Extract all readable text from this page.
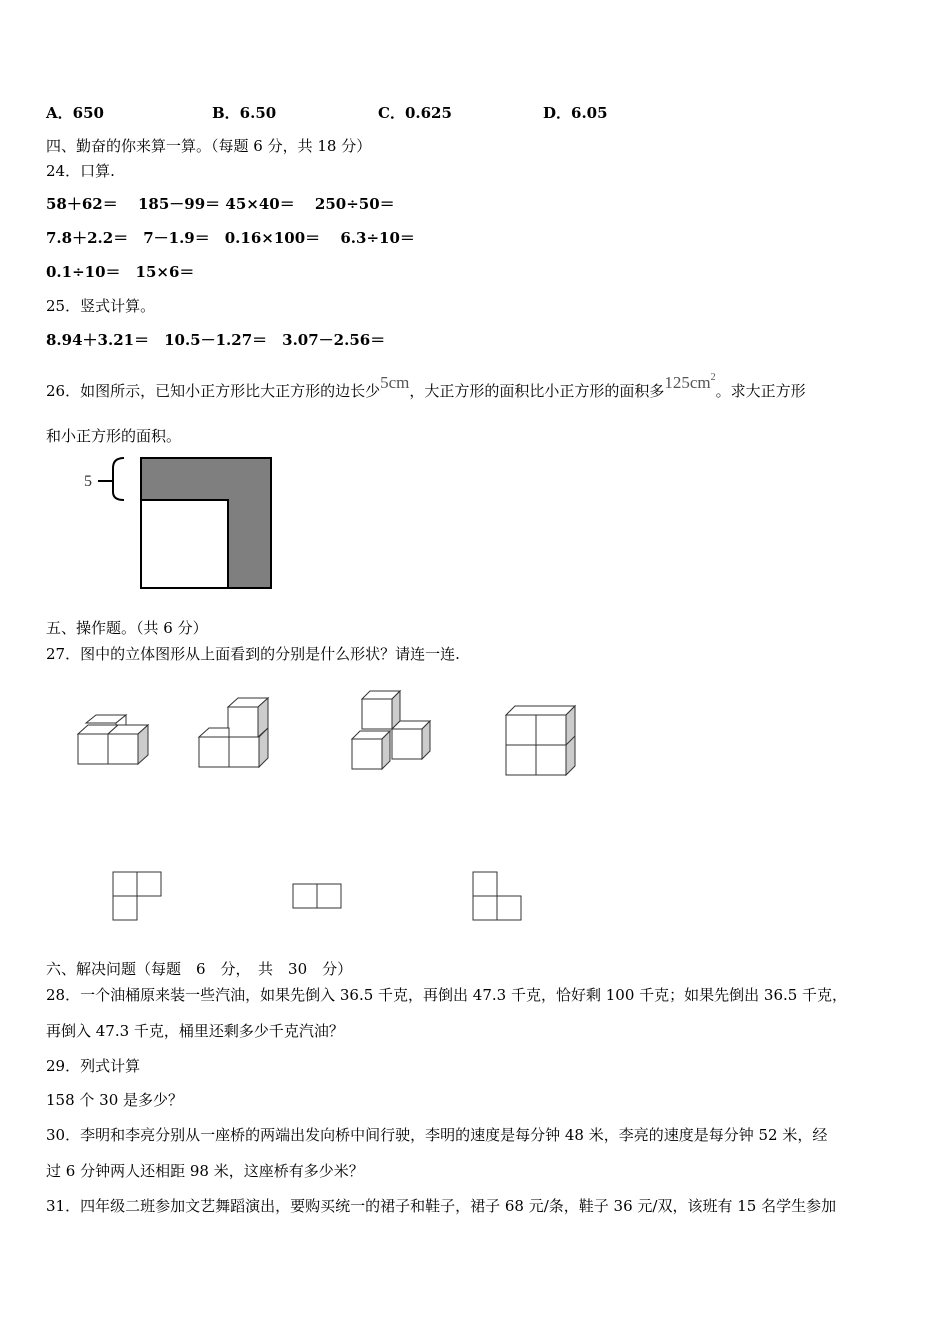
A．650	B．6.50	C．0.625	D．6.05
四、勤奋的你来算一算。（每题 6 分，共 18 分）
24．口算.
58＋62＝　 185－99＝ 45×40＝　 250÷50＝
7.8＋2.2＝　7－1.9＝　0.16×100＝　 6.3÷10＝
0.1÷10＝　15×6＝
25．竖式计算。
8.94＋3.21＝　10.5－1.27＝　3.07－2.56＝
26．如图所示，已知小正方形比大正方形的边长少5cm，大正方形的面积比小正方形的面积多$125cm^2$。求大正方形
和小正方形的面积。
5
五、操作题。（共 6 分）
27．图中的立体图形从上面看到的分别是什么形状？请连一连.
六、解决问题（每题　6　分，　共　30　分）
28．一个油桶原来装一些汽油，如果先倒入 36.5 千克，再倒出 47.3 千克，恰好剩 100 千克；如果先倒出 36.5 千克，
再倒入 47.3 千克，桶里还剩多少千克汽油？
29．列式计算
158 个 30 是多少？
30．李明和李亮分别从一座桥的两端出发向桥中间行驶，李明的速度是每分钟 48 米，李亮的速度是每分钟 52 米，经
过 6 分钟两人还相距 98 米，这座桥有多少米？
31．四年级二班参加文艺舞蹈演出，要购买统一的裙子和鞋子，裙子 68 元/条，鞋子 36 元/双，该班有 15 名学生参加
